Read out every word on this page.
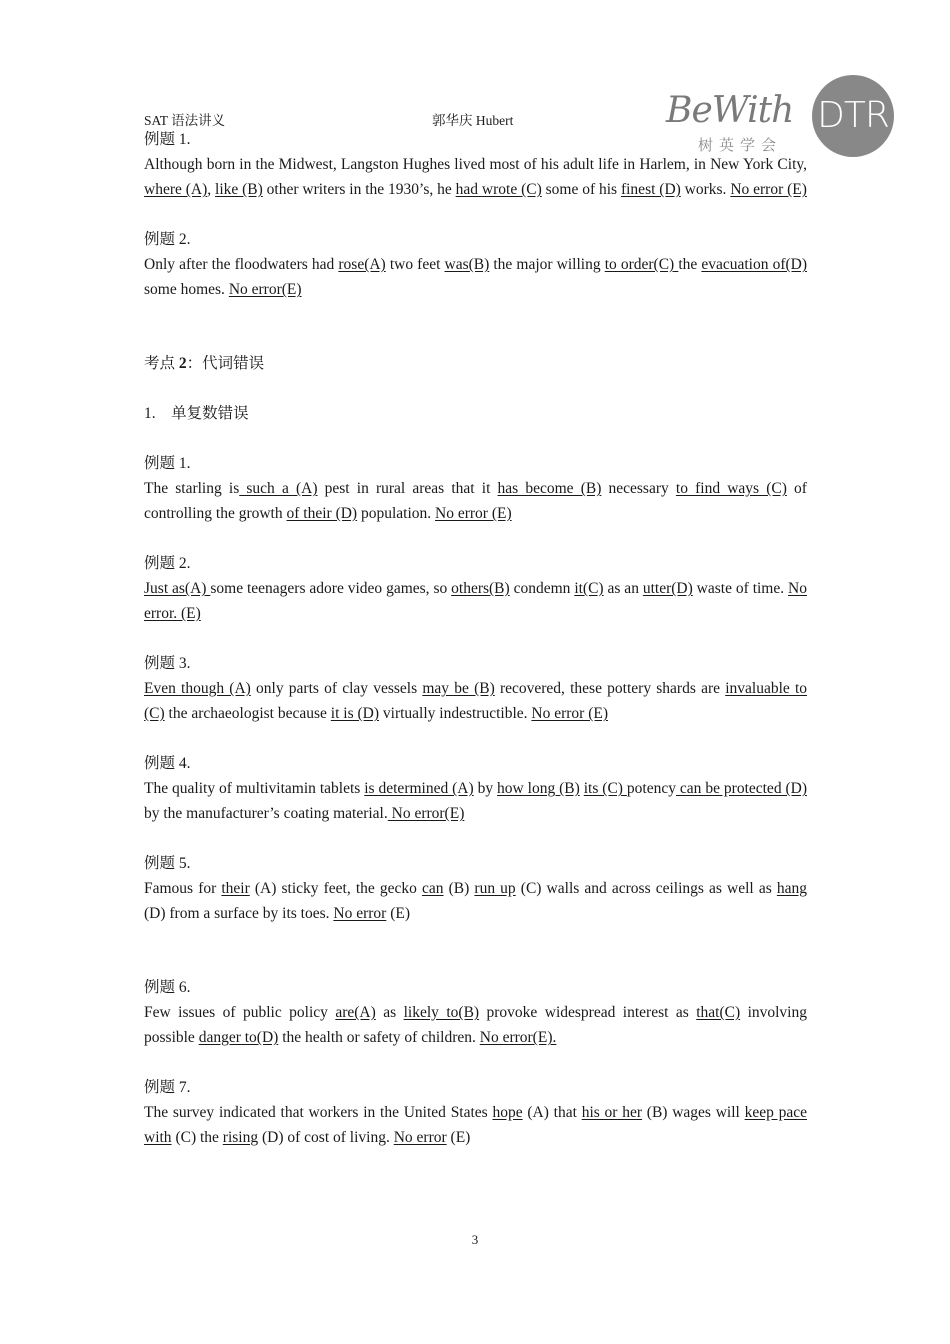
SAT 语法讲义	郭华庆 Hubert	DTR
BeWith
树英学会

例题 1.

Although born in the Midwest, Langston Hughes lived most of his adult life in Harlem, in New York City, where (A), like (B) other writers in the 1930’s, he had wrote (C) some of his finest (D) works. No error (E)

例题 2.

Only after the floodwaters had rose(A) two feet was(B) the major willing to order(C) the evacuation of(D) some homes. No error(E)

考点 2：代词错误

1.    单复数错误

例题 1.

The starling is such a (A) pest in rural areas that it has become (B) necessary to find ways (C) of controlling the growth of their (D) population. No error (E)

例题 2.

Just as(A) some teenagers adore video games, so others(B) condemn it(C) as an utter(D) waste of time. No error. (E)

例题 3.

Even though (A) only parts of clay vessels may be (B) recovered, these pottery shards are invaluable to (C) the archaeologist because it is (D) virtually indestructible. No error (E)

例题 4.

The quality of multivitamin tablets is determined (A) by how long (B) its (C) potency can be protected (D) by the manufacturer’s coating material. No error(E)

例题 5.

Famous for their (A) sticky feet, the gecko can (B) run up (C) walls and across ceilings as well as hang (D) from a surface by its toes. No error (E)

例题 6.

Few issues of public policy are(A) as likely to(B) provoke widespread interest as that(C) involving possible danger to(D) the health or safety of children. No error(E).

例题 7.

The survey indicated that workers in the United States hope (A) that his or her (B) wages will keep pace with (C) the rising (D) of cost of living. No error (E)

3
